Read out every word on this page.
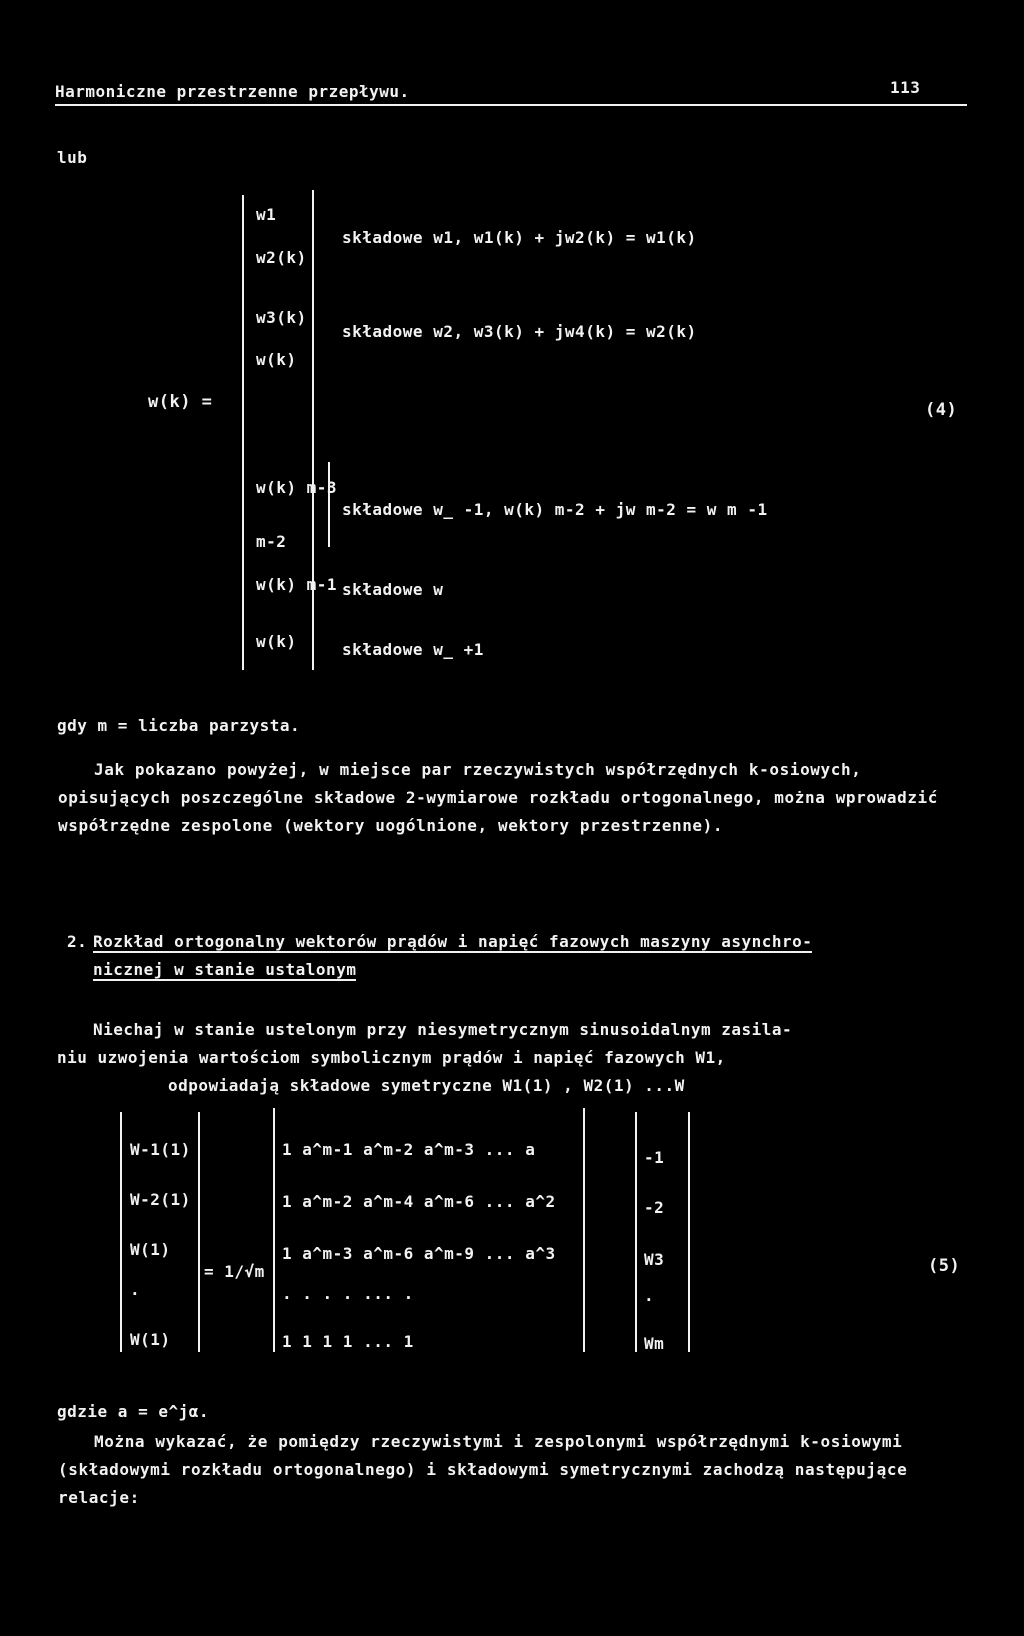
Harmoniczne przestrzenne przepływu.	113
lub
w(k) =	(4)
w1
w2(k)
w3(k)
w(k)
w(k) m-3
m-2
w(k) m-1
w(k)
składowe w1, w1(k) + jw2(k) = w1(k)
składowe w2, w3(k) + jw4(k) = w2(k)
składowe w_ -1, w(k) m-2 + jw m-2 = w m -1
składowe w
składowe w_ +1
gdy m = liczba parzysta.
Jak pokazano powyżej, w miejsce par rzeczywistych współrzędnych k-osiowych, opisujących poszczególne składowe 2-wymiarowe rozkładu ortogonalnego, można wprowadzić współrzędne zespolone (wektory uogólnione, wektory przestrzenne).
2. Rozkład ortogonalny wektorów prądów i napięć fazowych maszyny asynchro-
nicznej w stanie ustalonym
Niechaj w stanie ustelonym przy niesymetrycznym sinusoidalnym zasila-
niu uzwojenia wartościom symbolicznym prądów i napięć fazowych W1,
odpowiadają składowe symetryczne W1(1) , W2(1) ...W
W-1(1)
W-2(1)
W(1)
.
W(1)
= 1/√m
1 a^m-1 a^m-2 a^m-3 ... a
1 a^m-2 a^m-4 a^m-6 ... a^2
1 a^m-3 a^m-6 a^m-9 ... a^3
. . . . ... .
1 1 1 1 ... 1
-1
-2
W3
.
Wm
(5)
gdzie a = e^jα.
Można wykazać, że pomiędzy rzeczywistymi i zespolonymi współrzędnymi k-osiowymi (składowymi rozkładu ortogonalnego) i składowymi symetrycznymi zachodzą następujące relacje:
